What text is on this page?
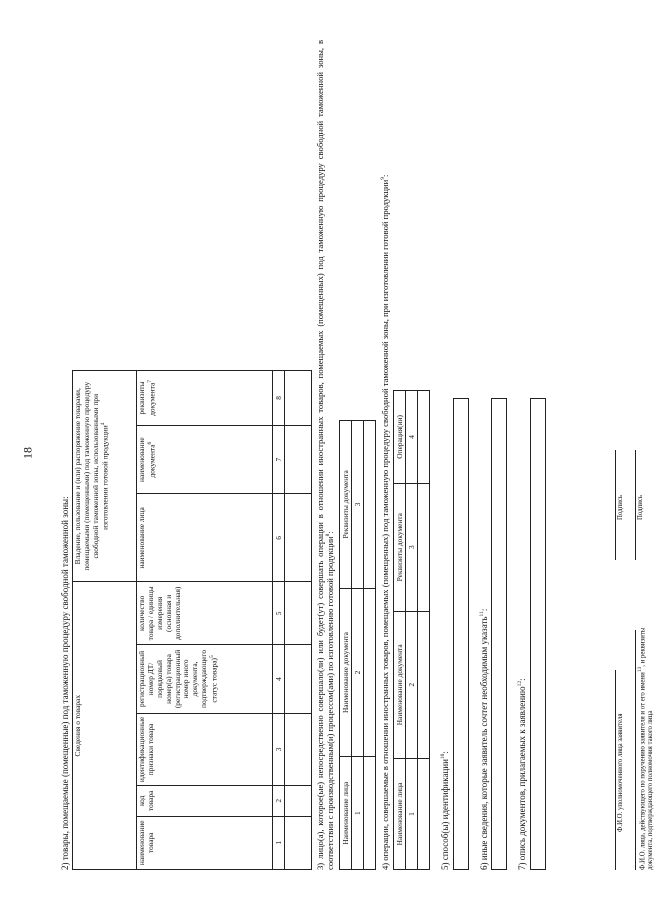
18
2) товары, помещаемые (помещенные) под таможенную процедуру свободной таможенной зоны: Сведения о товарах					Владение, пользование и (или) распоряжение товарами, помещаемыми (помещенными) под таможенную процедуру свободной таможенной зоны, использованными при изготовлении готовой продукции$^4$
наименование товара	код товара	идентификационные признаки товара	регистрационный номер ДТ/ порядковый номер(а) товара (регистрационный номер иного документа, подтверждающего статус товара)$^5$	количество товара / единицы измерения (основная и дополнительная)	наименование лица	наименование документа$^6$	реквизиты документа$^7$
1	2	3	4	5	6	7	8
								3) лицо(а), которое(ые) непосредственно совершало(ли) или будет(ут) совершать операции в отношении иностранных товаров, помещаемых (помещенных) под таможенную процедуру свободной таможенной зоны, в соответствии с производственным(и) процессом(ами) по изготовлению готовой продукции$^8$:

Наименование лица	Наименование документа	Реквизиты документа
1	2	3
		4) операции, совершаемые в отношении иностранных товаров, помещаемых (помещенных) под таможенную процедуру свободной таможенной зоны, при изготовлении готовой продукции$^9$:

Наименование лица	Наименование документа	Реквизиты документа	Операция(ии)
1	2	3	4

5) способ(ы) идентификации$^{10}$:	6) иные сведения, которые заявитель сочтет необходимым указать$^{11}$:
7) опись документов, прилагаемых к заявлению$^{12}$:
Ф.И.О. уполномоченного лица заявителя
Подпись
Ф.И.О. лица, действующего по поручению заявителя и от его имени$^{13}$, и реквизиты документа, подтверждающего полномочия такого лица
Подпись
